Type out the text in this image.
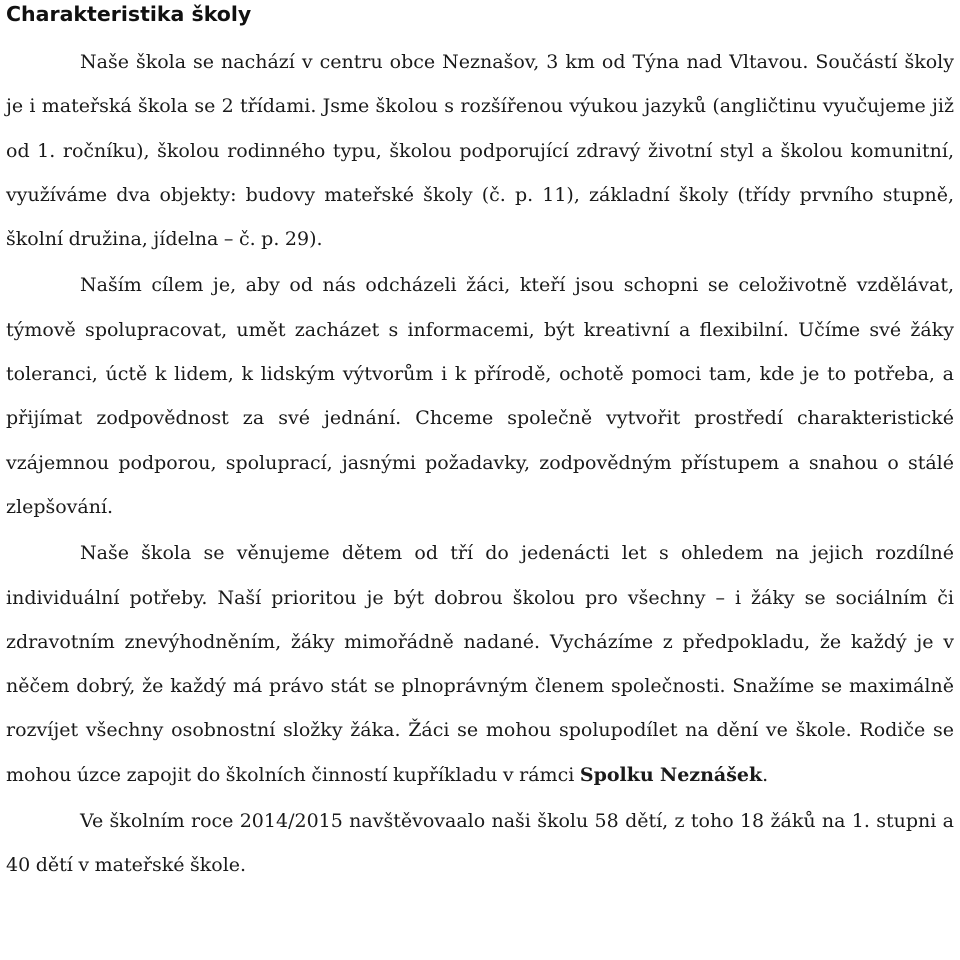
Charakteristika školy

Naše škola se nachází v centru obce Neznašov, 3 km od Týna nad Vltavou. Součástí školy je i mateřská škola se 2 třídami. Jsme školou s rozšířenou výukou jazyků (angličtinu vyučujeme již od 1. ročníku), školou rodinného typu, školou podporující zdravý životní styl a školou komunitní, využíváme dva objekty: budovy mateřské školy (č. p. 11), základní školy (třídy prvního stupně, školní družina, jídelna – č. p. 29).

Naším cílem je, aby od nás odcházeli žáci, kteří jsou schopni se celoživotně vzdělávat, týmově spolupracovat, umět zacházet s informacemi, být kreativní a flexibilní. Učíme své žáky toleranci, úctě k lidem, k lidským výtvorům i k přírodě, ochotě pomoci tam, kde je to potřeba, a přijímat zodpovědnost za své jednání. Chceme společně vytvořit prostředí charakteristické vzájemnou podporou, spoluprací, jasnými požadavky, zodpovědným přístupem a snahou o stálé zlepšování.

Naše škola se věnujeme dětem od tří do jedenácti let s ohledem na jejich rozdílné individuální potřeby. Naší prioritou je být dobrou školou pro všechny – i žáky se sociálním či zdravotním znevýhodněním, žáky mimořádně nadané. Vycházíme z předpokladu, že každý je v něčem dobrý, že každý má právo stát se plnoprávným členem společnosti. Snažíme se maximálně rozvíjet všechny osobnostní složky žáka. Žáci se mohou spolupodílet na dění ve škole. Rodiče se mohou úzce zapojit do školních činností kupříkladu v rámci Spolku Neznášek.

Ve školním roce 2014/2015 navštěvovaalo naši školu 58 dětí, z toho 18 žáků na 1. stupni a 40 dětí v mateřské škole.
